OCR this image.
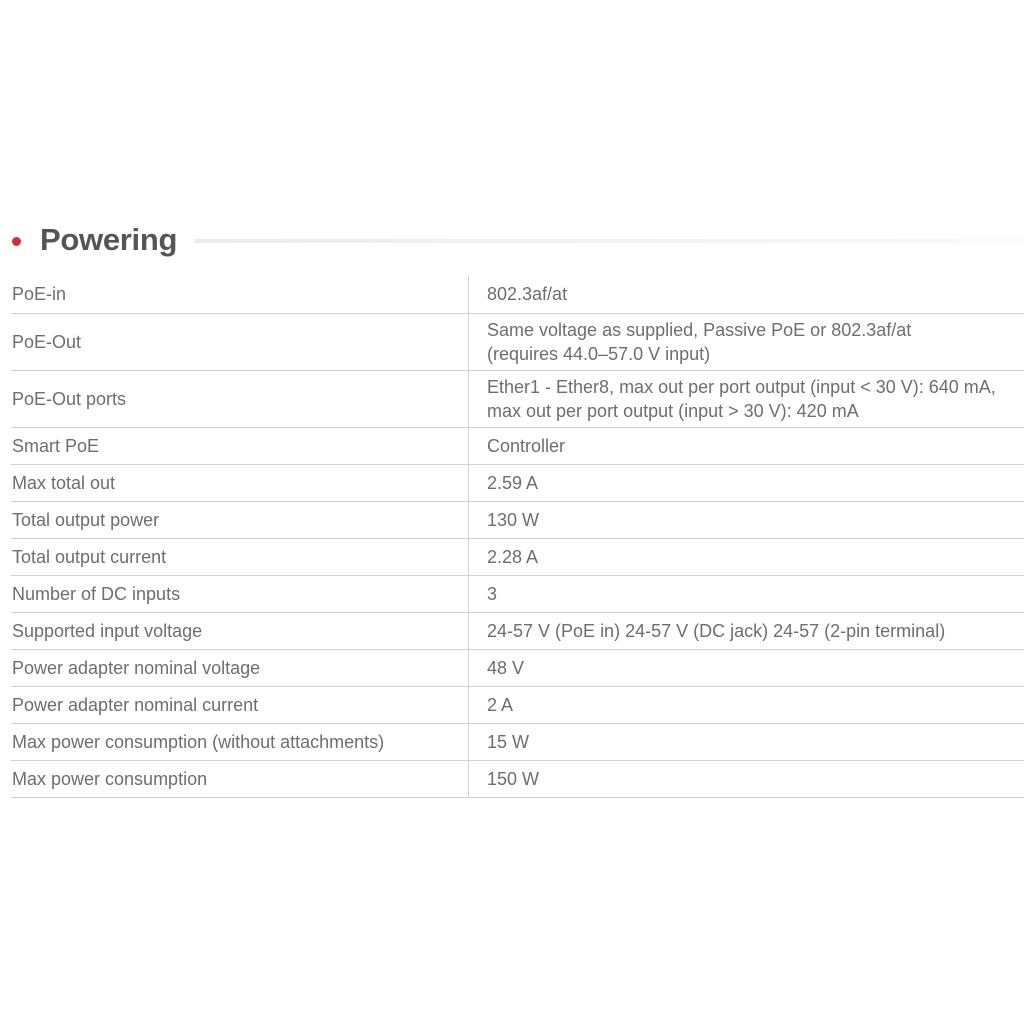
Powering
PoE-in	802.3af/at

PoE-Out	Same voltage as supplied, Passive PoE or 802.3af/at
(requires 44.0–57.0 V input)

PoE-Out ports	Ether1 - Ether8, max out per port output (input < 30 V): 640 mA,
max out per port output (input > 30 V): 420 mA

Smart PoE	Controller

Max total out	2.59 A

Total output power	130 W

Total output current	2.28 A

Number of DC inputs	3

Supported input voltage	24-57 V (PoE in) 24-57 V (DC jack) 24-57 (2-pin terminal)

Power adapter nominal voltage	48 V

Power adapter nominal current	2 A

Max power consumption (without attachments)	15 W

Max power consumption	150 W
